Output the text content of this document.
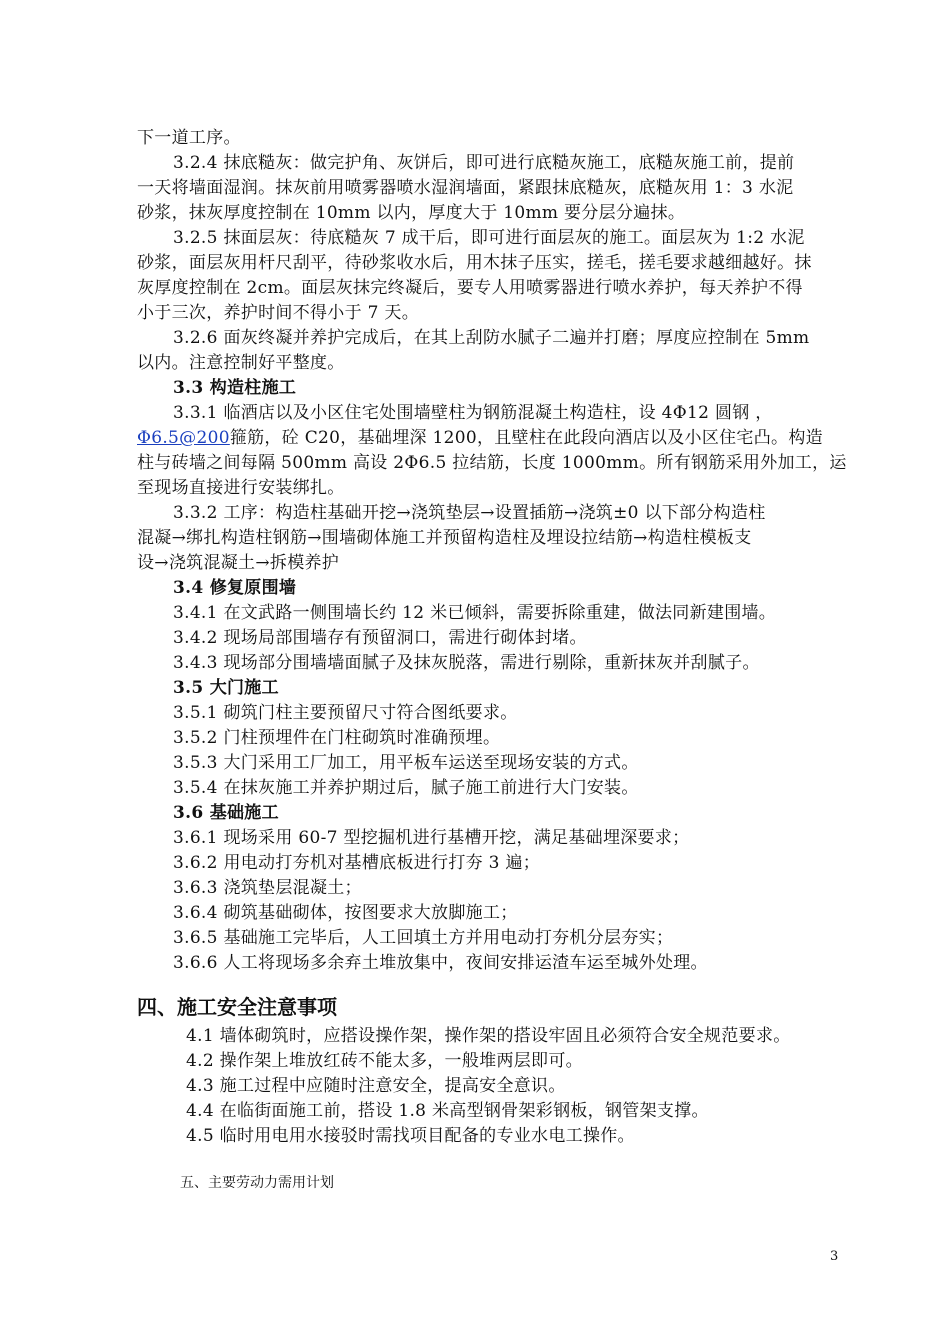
下一道工序。
3.2.4 抹底糙灰：做完护角、灰饼后，即可进行底糙灰施工，底糙灰施工前，提前
一天将墙面湿润。抹灰前用喷雾器喷水湿润墙面，紧跟抹底糙灰，底糙灰用 1：3 水泥
砂浆，抹灰厚度控制在 10mm 以内，厚度大于 10mm 要分层分遍抹。
3.2.5 抹面层灰：待底糙灰 7 成干后，即可进行面层灰的施工。面层灰为 1:2 水泥
砂浆，面层灰用杆尺刮平，待砂浆收水后，用木抹子压实，搓毛，搓毛要求越细越好。抹
灰厚度控制在 2cm。面层灰抹完终凝后，要专人用喷雾器进行喷水养护，每天养护不得
小于三次，养护时间不得小于 7 天。
3.2.6 面灰终凝并养护完成后，在其上刮防水腻子二遍并打磨；厚度应控制在 5mm
以内。注意控制好平整度。
3.3 构造柱施工
3.3.1 临酒店以及小区住宅处围墙壁柱为钢筋混凝土构造柱，设 4Φ12 圆钢 ，
Φ6.5@200箍筋，砼 C20，基础埋深 1200，且壁柱在此段向酒店以及小区住宅凸。构造
柱与砖墙之间每隔 500mm 高设 2Φ6.5 拉结筋，长度 1000mm。所有钢筋采用外加工，运
至现场直接进行安装绑扎。
3.3.2 工序：构造柱基础开挖→浇筑垫层→设置插筋→浇筑±0 以下部分构造柱
混凝→绑扎构造柱钢筋→围墙砌体施工并预留构造柱及埋设拉结筋→构造柱模板支
设→浇筑混凝土→拆模养护
3.4 修复原围墙
3.4.1 在文武路一侧围墙长约 12 米已倾斜，需要拆除重建，做法同新建围墙。
3.4.2 现场局部围墙存有预留洞口，需进行砌体封堵。
3.4.3 现场部分围墙墙面腻子及抹灰脱落，需进行剔除，重新抹灰并刮腻子。
3.5 大门施工
3.5.1 砌筑门柱主要预留尺寸符合图纸要求。
3.5.2 门柱预埋件在门柱砌筑时准确预埋。
3.5.3 大门采用工厂加工，用平板车运送至现场安装的方式。
3.5.4 在抹灰施工并养护期过后，腻子施工前进行大门安装。
3.6 基础施工
3.6.1 现场采用 60-7 型挖掘机进行基槽开挖，满足基础埋深要求；
3.6.2 用电动打夯机对基槽底板进行打夯 3 遍；
3.6.3 浇筑垫层混凝土；
3.6.4 砌筑基础砌体，按图要求大放脚施工；
3.6.5 基础施工完毕后，人工回填土方并用电动打夯机分层夯实；
3.6.6 人工将现场多余弃土堆放集中，夜间安排运渣车运至城外处理。
四、施工安全注意事项
4.1 墙体砌筑时，应搭设操作架，操作架的搭设牢固且必须符合安全规范要求。
4.2 操作架上堆放红砖不能太多，一般堆两层即可。
4.3 施工过程中应随时注意安全，提高安全意识。
4.4 在临街面施工前，搭设 1.8 米高型钢骨架彩钢板，钢管架支撑。
4.5 临时用电用水接驳时需找项目配备的专业水电工操作。
五、主要劳动力需用计划
3
